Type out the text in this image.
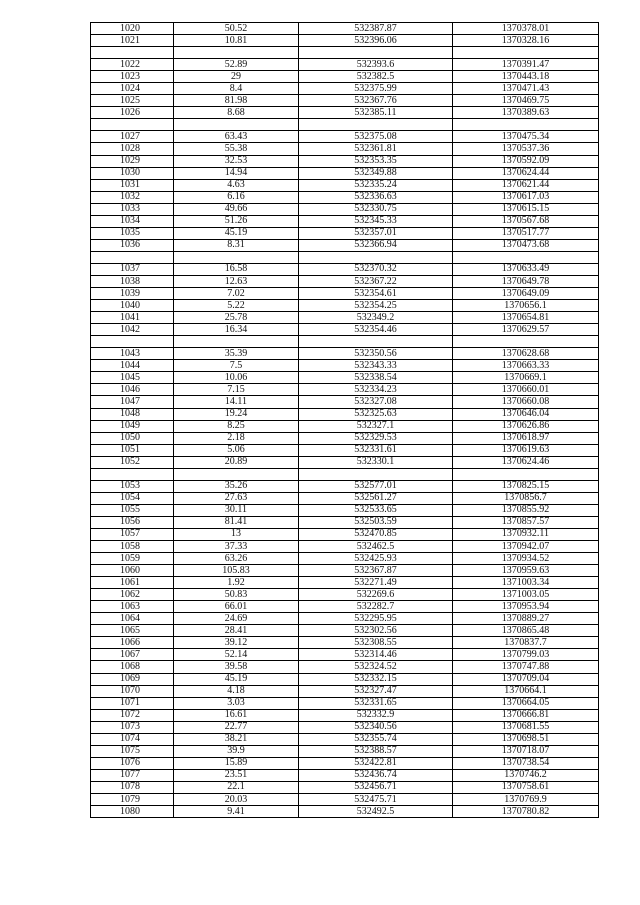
1020	50.52	532387.87	1370378.01
1021	10.81	532396.06	1370328.16

1022	52.89	532393.6	1370391.47
1023	29	532382.5	1370443.18
1024	8.4	532375.99	1370471.43
1025	81.98	532367.76	1370469.75
1026	8.68	532385.11	1370389.63

1027	63.43	532375.08	1370475.34
1028	55.38	532361.81	1370537.36
1029	32.53	532353.35	1370592.09
1030	14.94	532349.88	1370624.44
1031	4.63	532335.24	1370621.44
1032	6.16	532336.63	1370617.03
1033	49.66	532330.75	1370615.15
1034	51.26	532345.33	1370567.68
1035	45.19	532357.01	1370517.77
1036	8.31	532366.94	1370473.68

1037	16.58	532370.32	1370633.49
1038	12.63	532367.22	1370649.78
1039	7.02	532354.61	1370649.09
1040	5.22	532354.25	1370656.1
1041	25.78	532349.2	1370654.81
1042	16.34	532354.46	1370629.57

1043	35.39	532350.56	1370628.68
1044	7.5	532343.33	1370663.33
1045	10.06	532338.54	1370669.1
1046	7.15	532334.23	1370660.01
1047	14.11	532327.08	1370660.08
1048	19.24	532325.63	1370646.04
1049	8.25	532327.1	1370626.86
1050	2.18	532329.53	1370618.97
1051	5.06	532331.61	1370619.63
1052	20.89	532330.1	1370624.46

1053	35.26	532577.01	1370825.15
1054	27.63	532561.27	1370856.7
1055	30.11	532533.65	1370855.92
1056	81.41	532503.59	1370857.57
1057	13	532470.85	1370932.11
1058	37.33	532462.5	1370942.07
1059	63.26	532425.93	1370934.52
1060	105.83	532367.87	1370959.63
1061	1.92	532271.49	1371003.34
1062	50.83	532269.6	1371003.05
1063	66.01	532282.7	1370953.94
1064	24.69	532295.95	1370889.27
1065	28.41	532302.56	1370865.48
1066	39.12	532308.55	1370837.7
1067	52.14	532314.46	1370799.03
1068	39.58	532324.52	1370747.88
1069	45.19	532332.15	1370709.04
1070	4.18	532327.47	1370664.1
1071	3.03	532331.65	1370664.05
1072	16.61	532332.9	1370666.81
1073	22.77	532340.56	1370681.55
1074	38.21	532355.74	1370698.51
1075	39.9	532388.57	1370718.07
1076	15.89	532422.81	1370738.54
1077	23.51	532436.74	1370746.2
1078	22.1	532456.71	1370758.61
1079	20.03	532475.71	1370769.9
1080	9.41	532492.5	1370780.82
